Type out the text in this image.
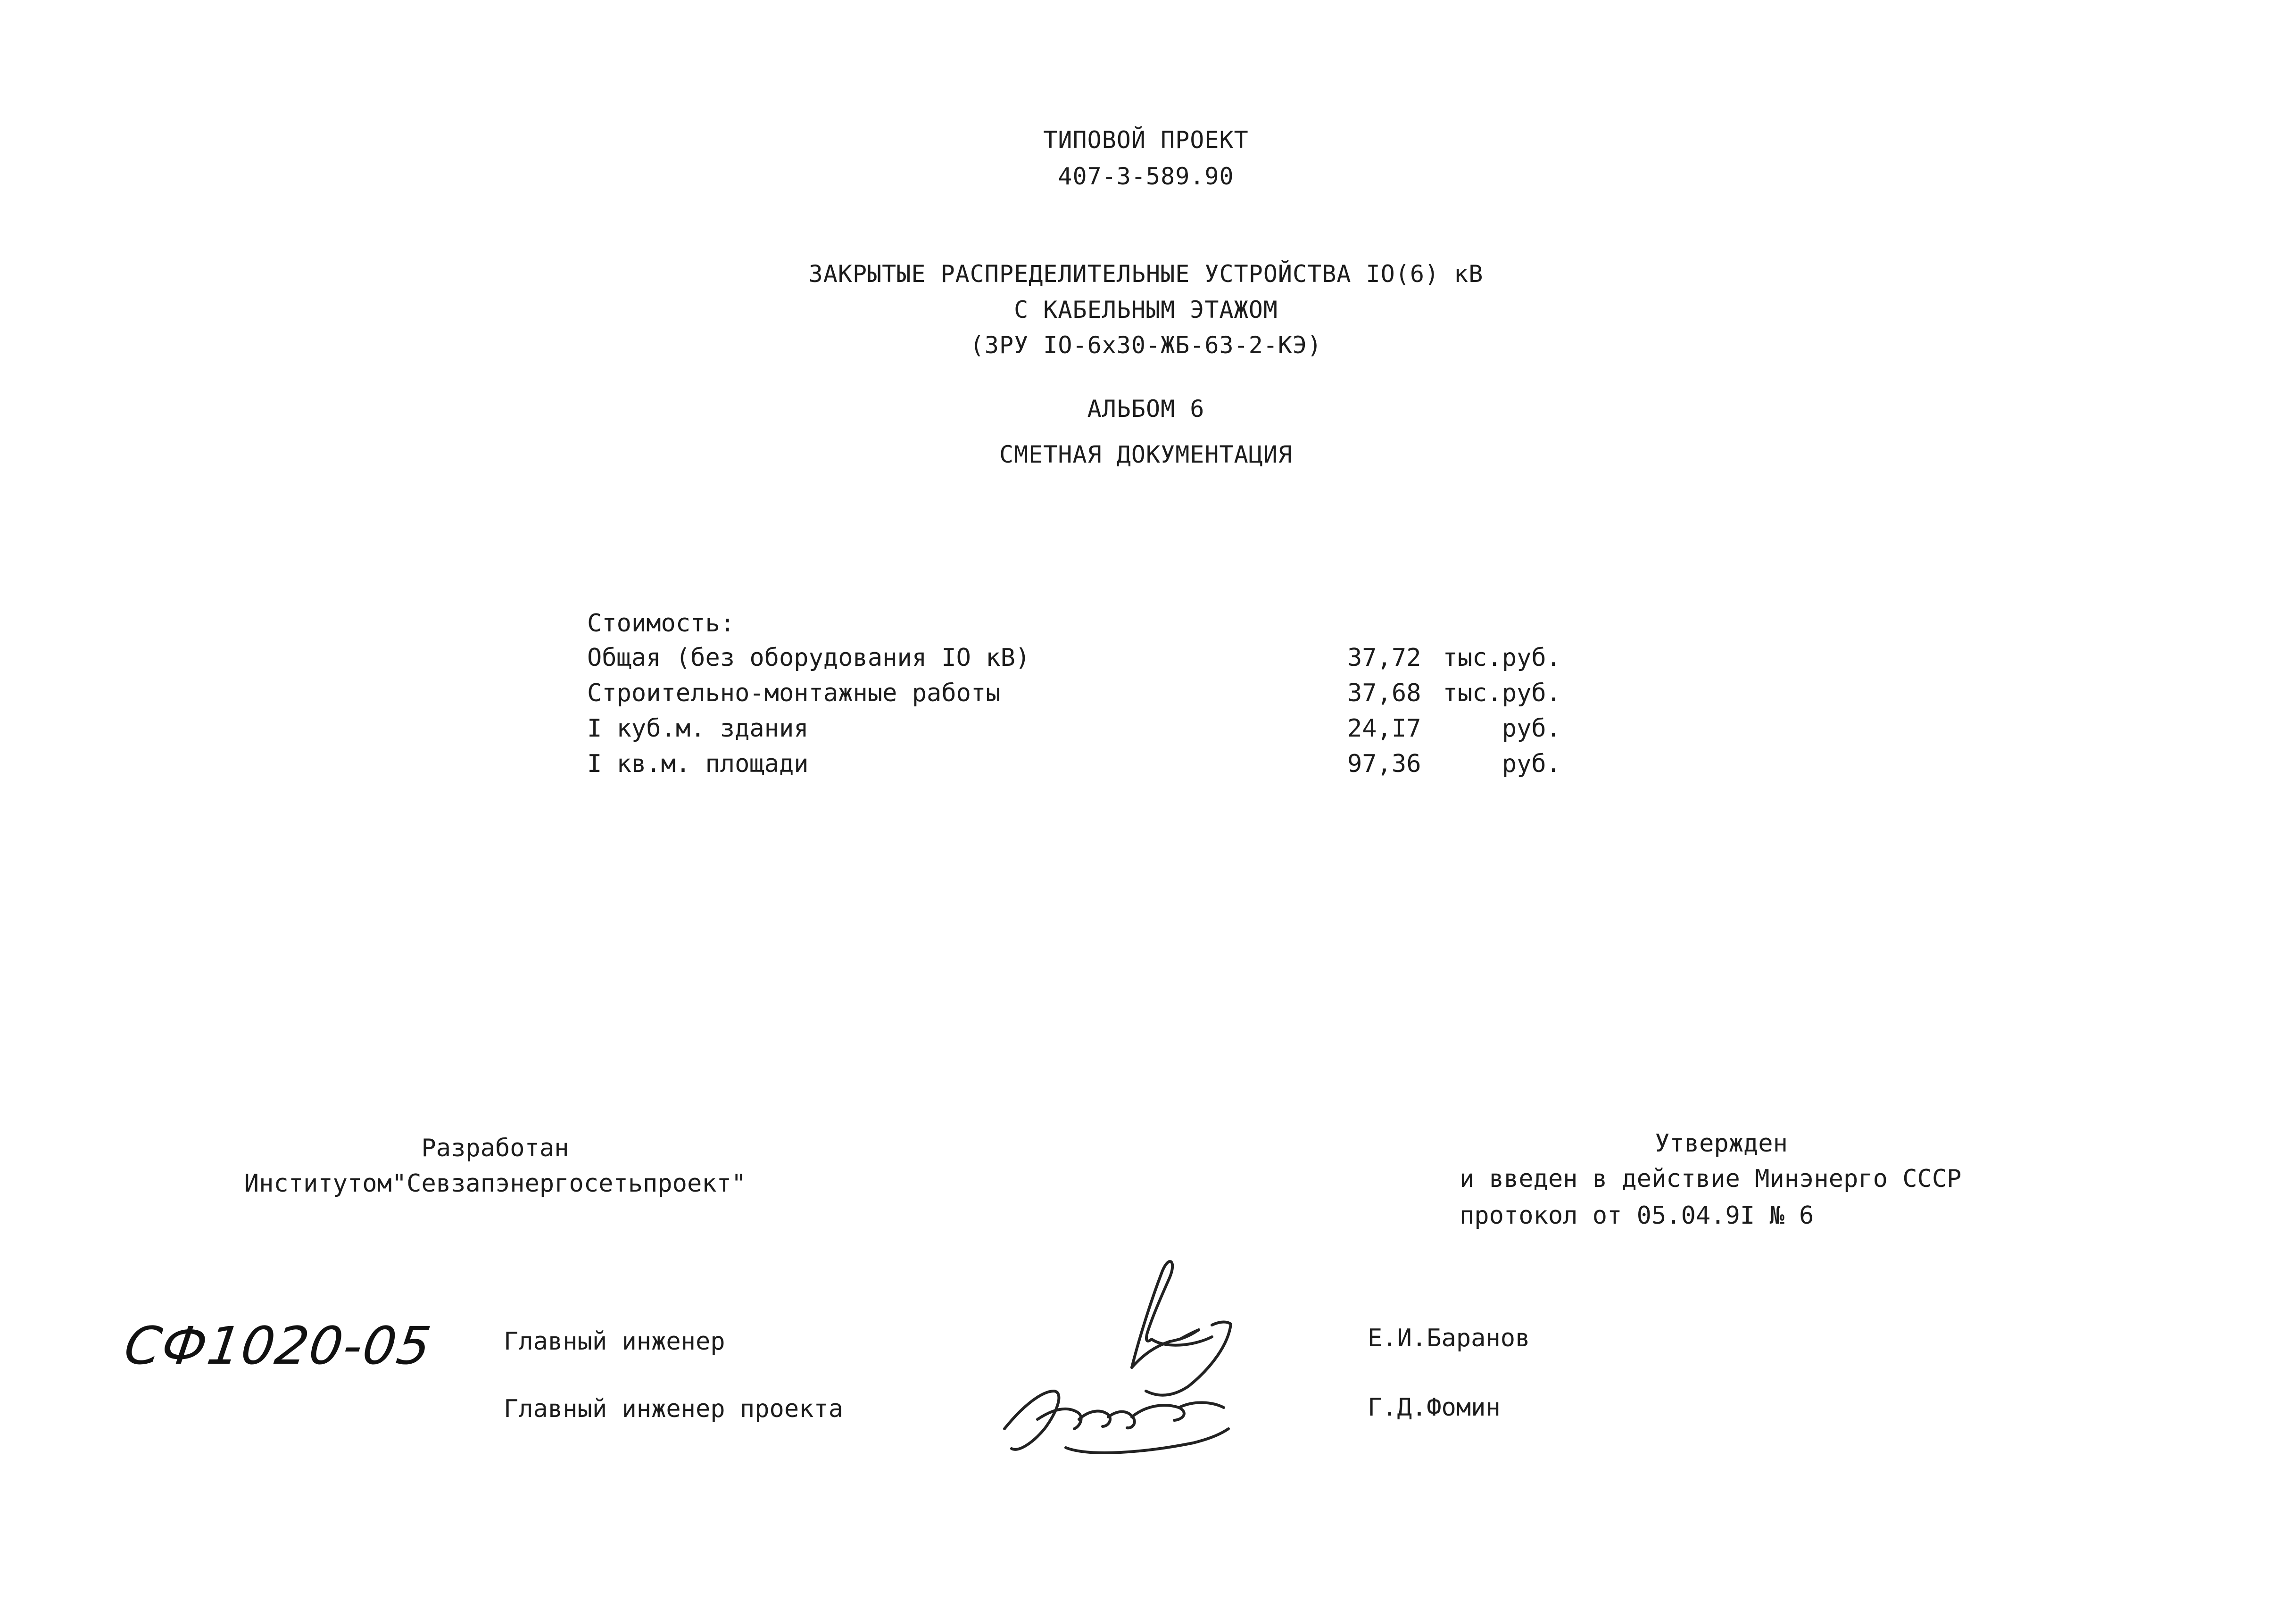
ТИПОВОЙ ПРОЕКТ
407-3-589.90
ЗАКРЫТЫЕ РАСПРЕДЕЛИТЕЛЬНЫЕ УСТРОЙСТВА IO(6) кВ
С КАБЕЛЬНЫМ ЭТАЖОМ
(ЗРУ IO-6x30-ЖБ-63-2-КЭ)
АЛЬБОМ 6
СМЕТНАЯ ДОКУМЕНТАЦИЯ
Стоимость:
Общая (без оборудования IO кВ)	37,72 тыс.руб.
Строительно-монтажные работы	37,68 тыс.руб.
I куб.м. здания	24,I7	руб.
I кв.м. площади	97,36	руб.
Разработан
Институтом"Севзапэнергосетьпроект"
Утвержден
и введен в действие Минэнерго СССР
протокол от 05.04.9I № 6
СФ1020-05	Главный инженер	Е.И.Баранов
Главный инженер проекта	Г.Д.Фомин
